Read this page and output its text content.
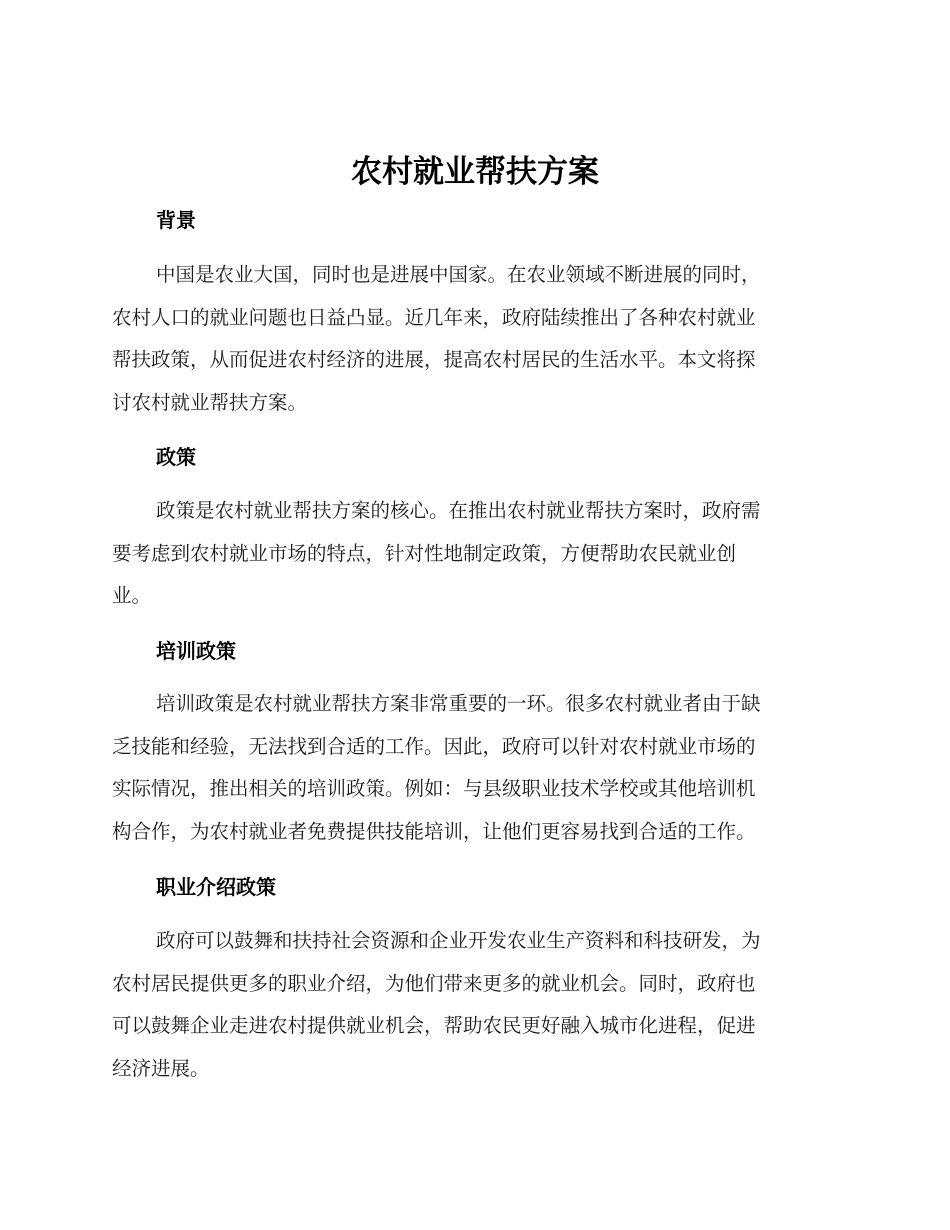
农村就业帮扶方案
背景
中国是农业大国，同时也是进展中国家。在农业领域不断进展的同时，
农村人口的就业问题也日益凸显。近几年来，政府陆续推出了各种农村就业
帮扶政策，从而促进农村经济的进展，提高农村居民的生活水平。本文将探
讨农村就业帮扶方案。
政策
政策是农村就业帮扶方案的核心。在推出农村就业帮扶方案时，政府需
要考虑到农村就业市场的特点，针对性地制定政策，方便帮助农民就业创
业。
培训政策
培训政策是农村就业帮扶方案非常重要的一环。很多农村就业者由于缺
乏技能和经验，无法找到合适的工作。因此，政府可以针对农村就业市场的
实际情况，推出相关的培训政策。例如：与县级职业技术学校或其他培训机
构合作，为农村就业者免费提供技能培训，让他们更容易找到合适的工作。
职业介绍政策
政府可以鼓舞和扶持社会资源和企业开发农业生产资料和科技研发，为
农村居民提供更多的职业介绍，为他们带来更多的就业机会。同时，政府也
可以鼓舞企业走进农村提供就业机会，帮助农民更好融入城市化进程，促进
经济进展。
